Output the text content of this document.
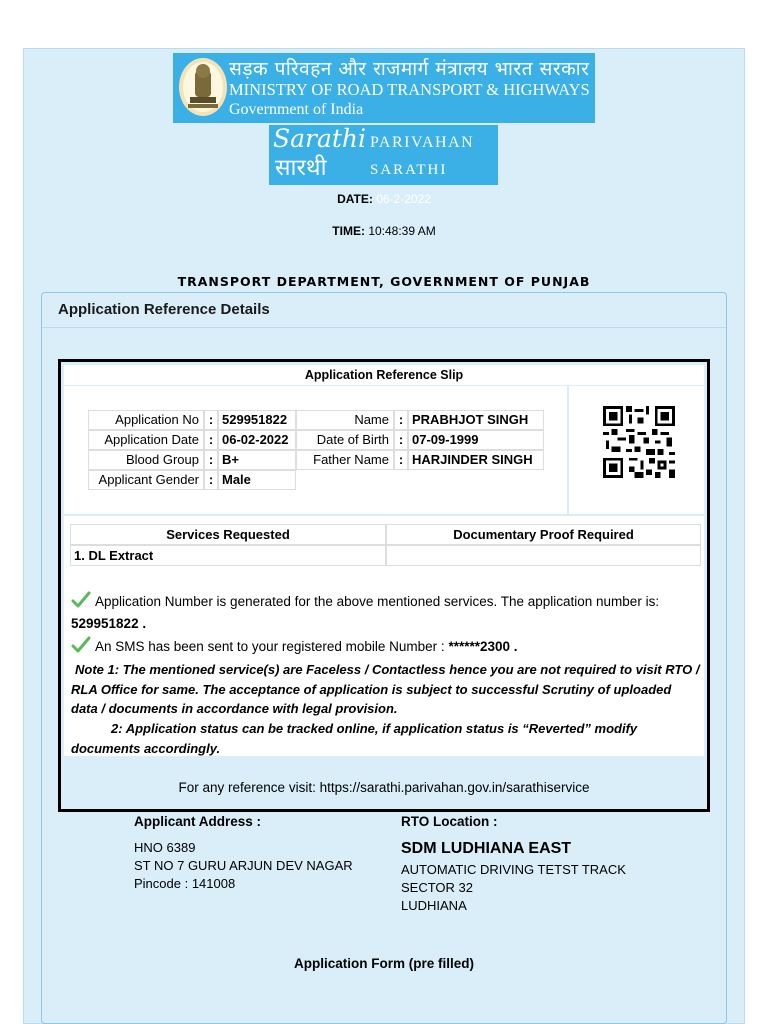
सड़क परिवहन और राजमार्ग मंत्रालय भारत सरकार
MINISTRY OF ROAD TRANSPORT & HIGHWAYS
Government of India
Sarathi
सारथी
PARIVAHAN
SARATHI
DATE: 06-2-2022
TIME: 10:48:39 AM
TRANSPORT DEPARTMENT, GOVERNMENT OF PUNJAB
Application Reference Details
Application Reference Slip
Application No : 529951822
Application Date : 06-02-2022
Blood Group : B+
Applicant Gender : Male
Name : PRABHJOT SINGH
Date of Birth : 07-09-1999
Father Name : HARJINDER SINGH
Services Requested	Documentary Proof Required
1. DL Extract
Application Number is generated for the above mentioned services. The application number is: 529951822 .
An SMS has been sent to your registered mobile Number : ******2300 .
Note 1: The mentioned service(s) are Faceless / Contactless hence you are not required to visit RTO / RLA Office for same. The acceptance of application is subject to successful Scrutiny of uploaded data / documents in accordance with legal provision.
2: Application status can be tracked online, if application status is “Reverted” modify documents accordingly.
For any reference visit: https://sarathi.parivahan.gov.in/sarathiservice
Applicant Address :
HNO 6389
ST NO 7 GURU ARJUN DEV NAGAR
Pincode : 141008
RTO Location :
SDM LUDHIANA EAST
AUTOMATIC DRIVING TETST TRACK
SECTOR 32
LUDHIANA
Application Form (pre filled)
